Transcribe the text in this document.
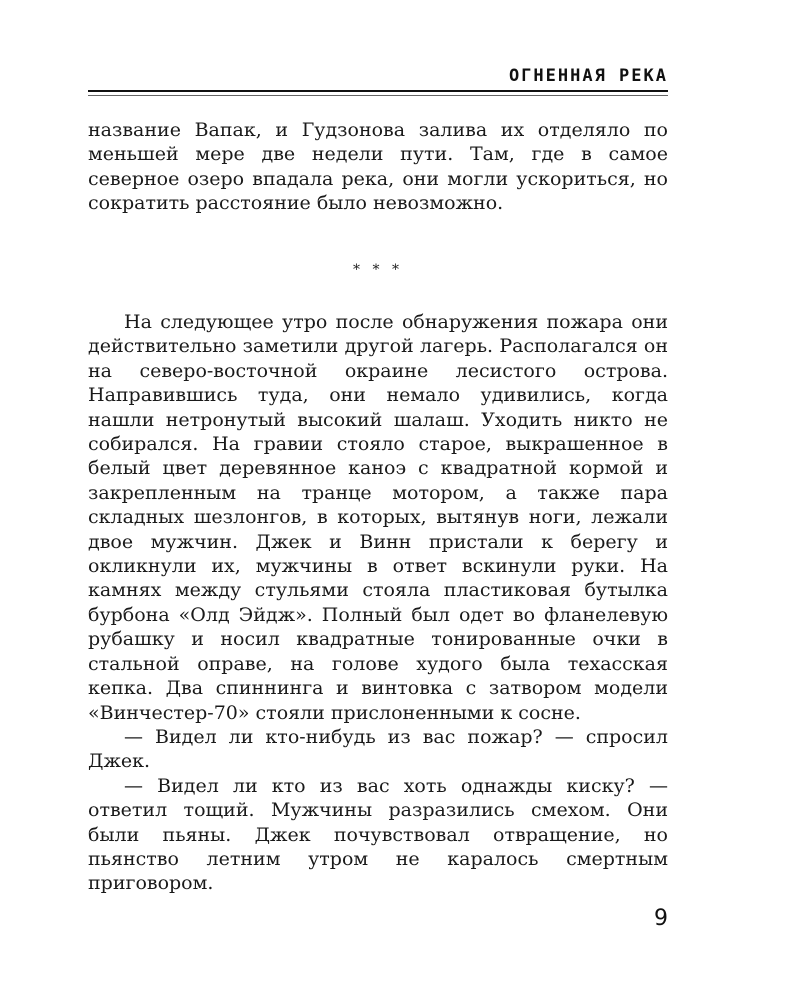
ОГНЕННАЯ РЕКА

название Вапак, и Гудзонова залива их отделяло по меньшей мере две недели пути. Там, где в самое северное озеро впадала река, они могли ускориться, но сократить расстояние было невозможно.

* * *

На следующее утро после обнаружения пожара они действительно заметили другой лагерь. Располагался он на северо-восточной окраине лесистого острова. Направившись туда, они немало удивились, когда нашли нетронутый высокий шалаш. Уходить никто не собирался. На гравии стояло старое, выкрашенное в белый цвет деревянное каноэ с квадратной кормой и закрепленным на транце мотором, а также пара складных шезлонгов, в которых, вытянув ноги, лежали двое мужчин. Джек и Винн пристали к берегу и окликнули их, мужчины в ответ вскинули руки. На камнях между стульями стояла пластиковая бутылка бурбона «Олд Эйдж». Полный был одет во фланелевую рубашку и носил квадратные тонированные очки в стальной оправе, на голове худого была техасская кепка. Два спиннинга и винтовка с затвором модели «Винчестер-70» стояли прислоненными к сосне.

— Видел ли кто-нибудь из вас пожар? — спросил Джек.

— Видел ли кто из вас хоть однажды киску? — ответил тощий. Мужчины разразились смехом. Они были пьяны. Джек почувствовал отвращение, но пьянство летним утром не каралось смертным приговором.

9
